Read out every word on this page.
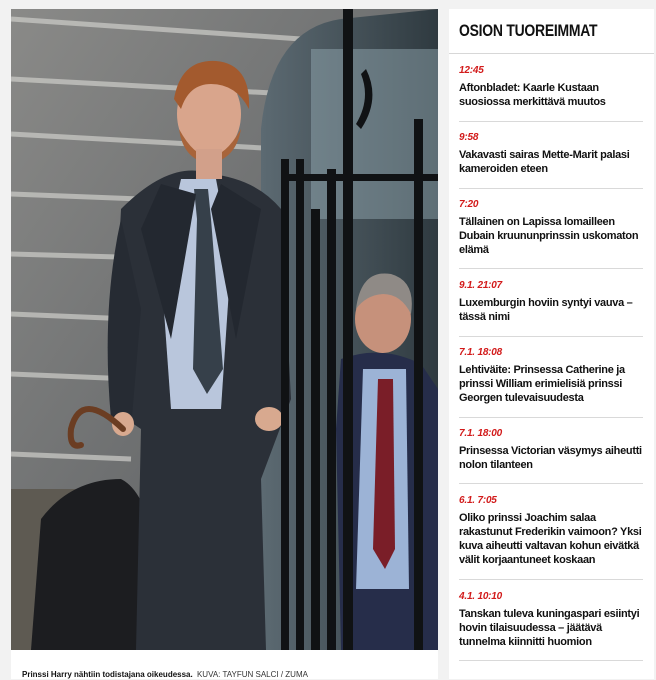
Prinssi Harry nähtiin todistajana oikeudessa. KUVA: TAYFUN SALCI / ZUMA
OSION TUOREIMMAT
12:45
Aftonbladet: Kaarle Kustaan suosiossa merkittävä muutos
9:58
Vakavasti sairas Mette-Marit palasi kameroiden eteen
7:20
Tällainen on Lapissa lomailleen Dubain kruununprinssin uskomaton elämä
9.1. 21:07
Luxemburgin hoviin syntyi vauva – tässä nimi
7.1. 18:08
Lehtiväite: Prinsessa Catherine ja prinssi William erimielisiä prinssi Georgen tulevaisuudesta
7.1. 18:00
Prinsessa Victorian väsymys aiheutti nolon tilanteen
6.1. 7:05
Oliko prinssi Joachim salaa rakastunut Frederikin vaimoon? Yksi kuva aiheutti valtavan kohun eivätkä välit korjaantuneet koskaan
4.1. 10:10
Tanskan tuleva kuningaspari esiintyi hovin tilaisuudessa – jäätävä tunnelma kiinnitti huomion
